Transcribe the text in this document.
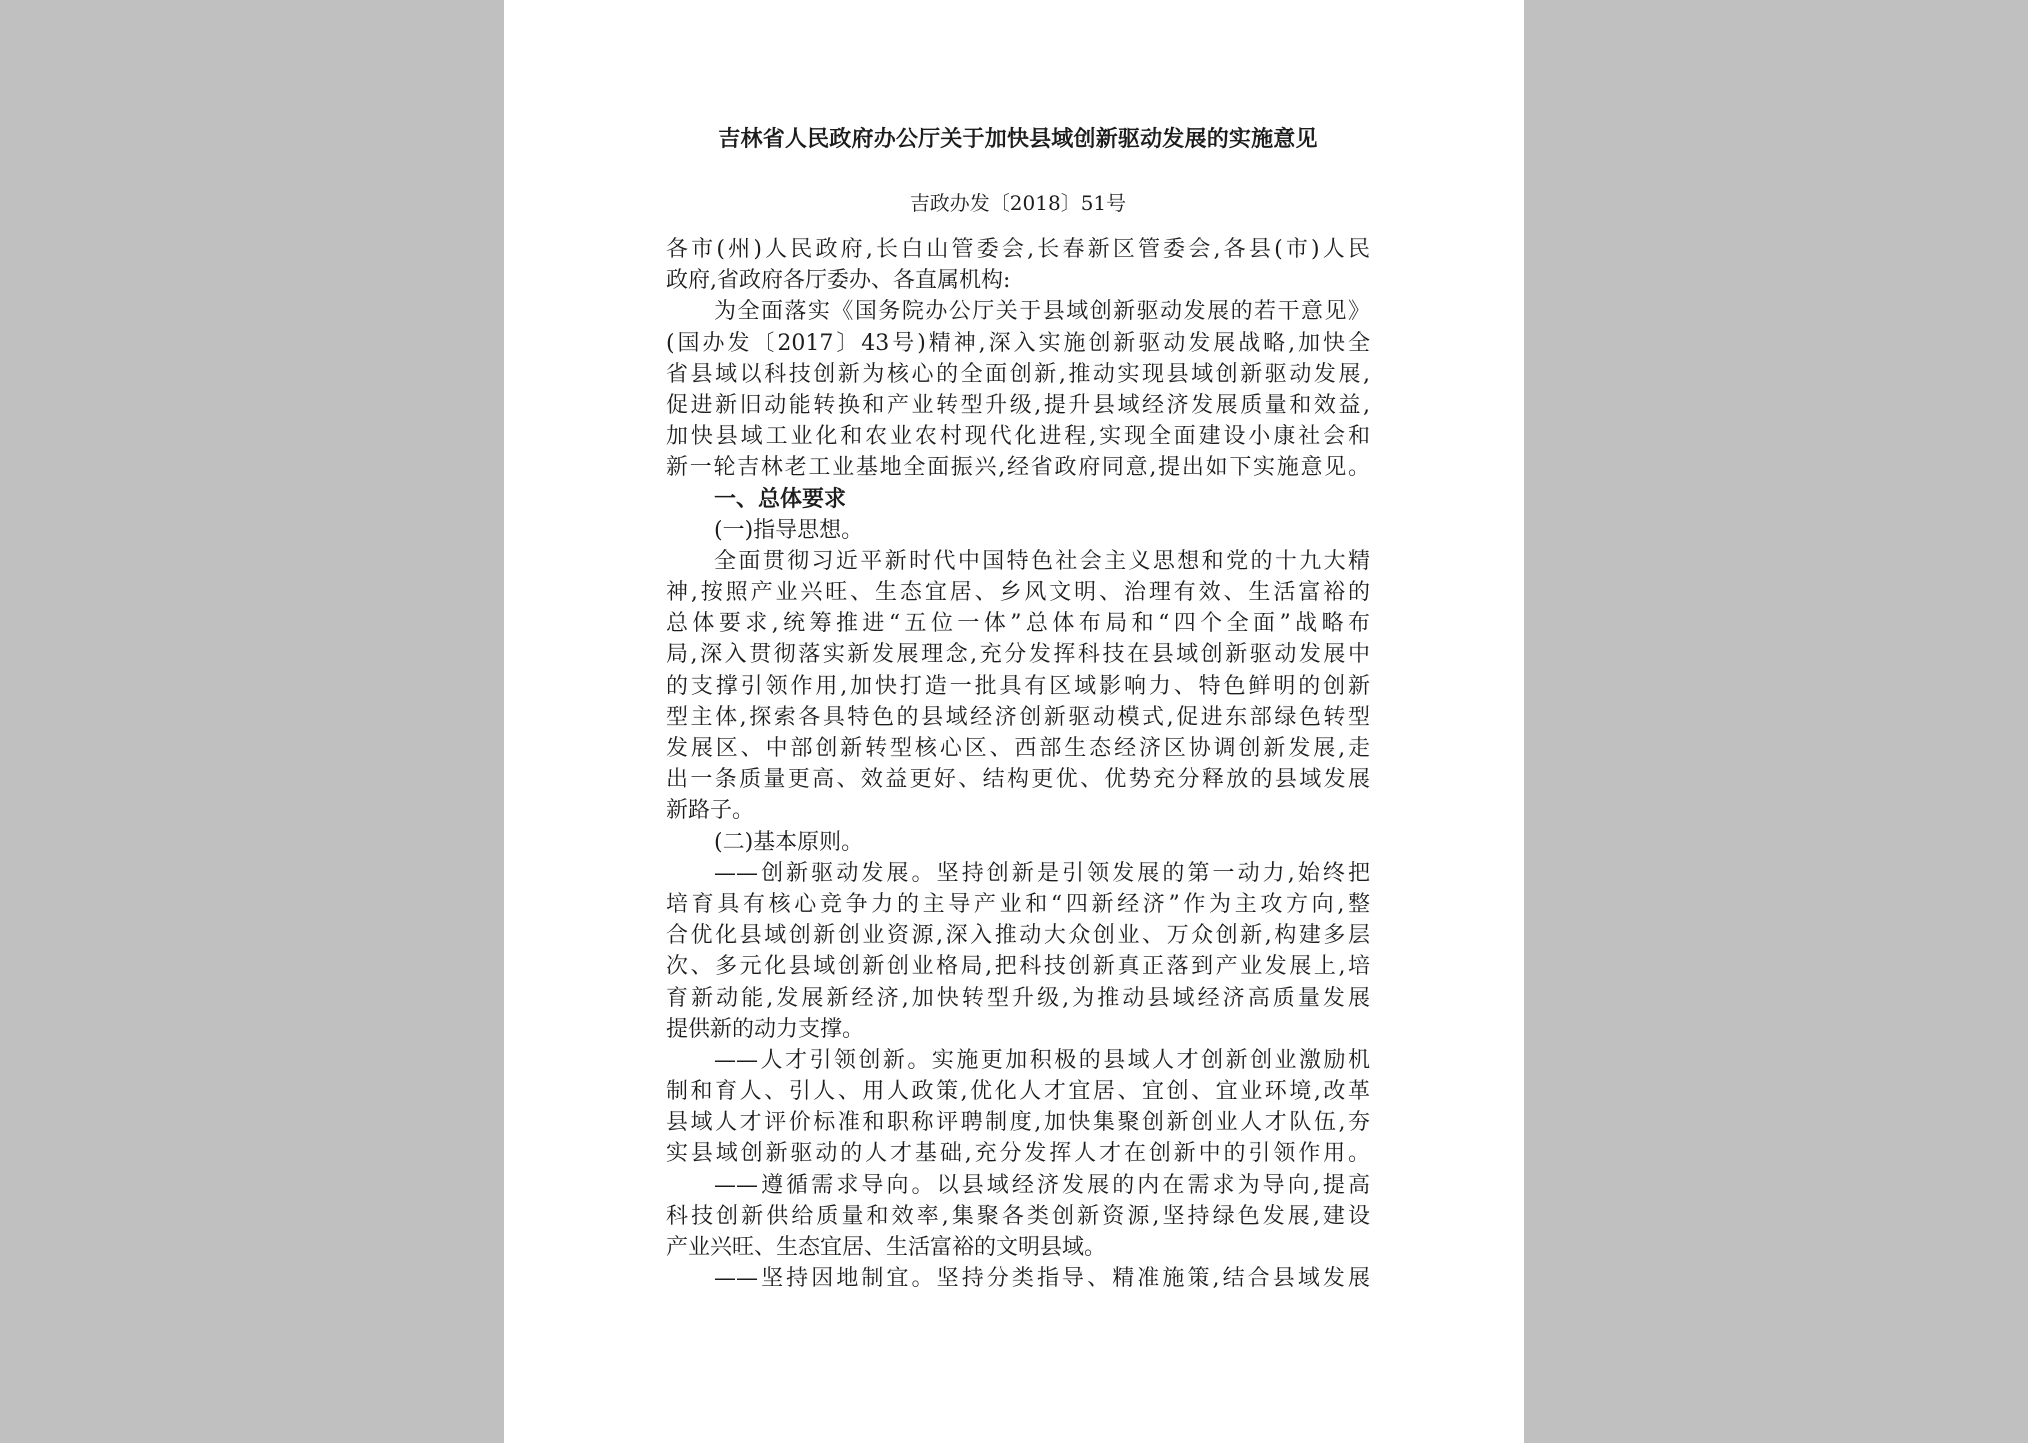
吉林省人民政府办公厅关于加快县域创新驱动发展的实施意见
吉政办发〔2018〕51号
各市(州)人民政府,长白山管委会,长春新区管委会,各县(市)人民
政府,省政府各厅委办、各直属机构:
为全面落实《国务院办公厅关于县域创新驱动发展的若干意见》
(国办发〔2017〕43号)精神,深入实施创新驱动发展战略,加快全
省县域以科技创新为核心的全面创新,推动实现县域创新驱动发展,
促进新旧动能转换和产业转型升级,提升县域经济发展质量和效益,
加快县域工业化和农业农村现代化进程,实现全面建设小康社会和
新一轮吉林老工业基地全面振兴,经省政府同意,提出如下实施意见。
一、总体要求
(一)指导思想。
全面贯彻习近平新时代中国特色社会主义思想和党的十九大精
神,按照产业兴旺、生态宜居、乡风文明、治理有效、生活富裕的
总体要求,统筹推进“五位一体”总体布局和“四个全面”战略布
局,深入贯彻落实新发展理念,充分发挥科技在县域创新驱动发展中
的支撑引领作用,加快打造一批具有区域影响力、特色鲜明的创新
型主体,探索各具特色的县域经济创新驱动模式,促进东部绿色转型
发展区、中部创新转型核心区、西部生态经济区协调创新发展,走
出一条质量更高、效益更好、结构更优、优势充分释放的县域发展
新路子。
(二)基本原则。
——创新驱动发展。坚持创新是引领发展的第一动力,始终把
培育具有核心竞争力的主导产业和“四新经济”作为主攻方向,整
合优化县域创新创业资源,深入推动大众创业、万众创新,构建多层
次、多元化县域创新创业格局,把科技创新真正落到产业发展上,培
育新动能,发展新经济,加快转型升级,为推动县域经济高质量发展
提供新的动力支撑。
——人才引领创新。实施更加积极的县域人才创新创业激励机
制和育人、引人、用人政策,优化人才宜居、宜创、宜业环境,改革
县域人才评价标准和职称评聘制度,加快集聚创新创业人才队伍,夯
实县域创新驱动的人才基础,充分发挥人才在创新中的引领作用。
——遵循需求导向。以县域经济发展的内在需求为导向,提高
科技创新供给质量和效率,集聚各类创新资源,坚持绿色发展,建设
产业兴旺、生态宜居、生活富裕的文明县域。
——坚持因地制宜。坚持分类指导、精准施策,结合县域发展
